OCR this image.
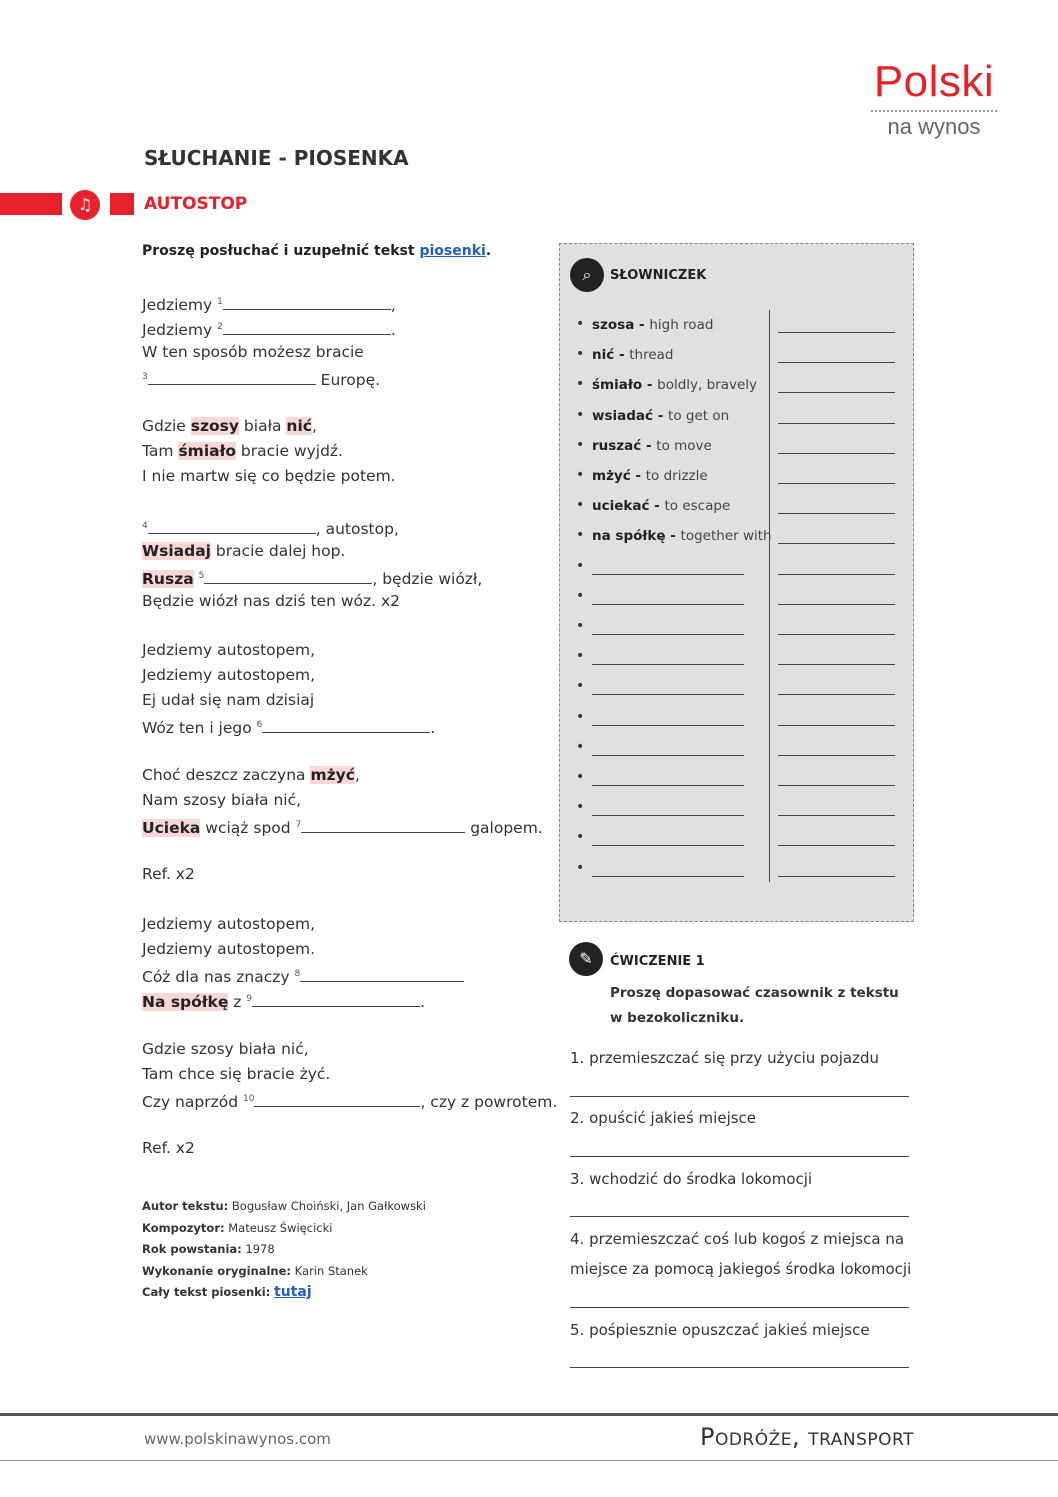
Polski
na wynos
SŁUCHANIE - PIOSENKA
♫	AUTOSTOP
Proszę posłuchać i uzupełnić tekst piosenki.
Jedziemy $^1$	,
Jedziemy $^2$	.
W ten sposób możesz bracie
$^3$	Europę.
Gdzie szosy biała nić,
Tam śmiało bracie wyjdź.
I nie martw się co będzie potem.
$^4$	, autostop,
Wsiadaj bracie dalej hop.
Rusza $^5$	, będzie wiózł,
Będzie wiózł nas dziś ten wóz. x2
Jedziemy autostopem,
Jedziemy autostopem,
Ej udał się nam dzisiaj
Wóz ten i jego $^6$	.
Choć deszcz zaczyna mżyć,
Nam szosy biała nić,
Ucieka wciąż spod $^7$	galopem.
Ref. x2
Jedziemy autostopem,
Jedziemy autostopem.
Cóż dla nas znaczy $^8$
Na spółkę z $^9$	.
Gdzie szosy biała nić,
Tam chce się bracie żyć.
Czy naprzód $^{10}$	, czy z powrotem.
Ref. x2
Autor tekstu: Bogusław Choiński, Jan Gałkowski
Kompozytor: Mateusz Święcicki
Rok powstania: 1978
Wykonanie oryginalne: Karin Stanek
Cały tekst piosenki: tutaj
⌕	SŁOWNICZEK
• szosa - high road
• nić - thread
• śmiało - boldly, bravely
• wsiadać - to get on
• ruszać - to move
• mżyć - to drizzle
• uciekać - to escape
• na spółkę - together with
•
•
•
•
•
•
•
•
•
•
•
✎	ĆWICZENIE 1
Proszę dopasować czasownik z tekstu
w bezokoliczniku.
1. przemieszczać się przy użyciu pojazdu
2. opuścić jakieś miejsce
3. wchodzić do środka lokomocji
4. przemieszczać coś lub kogoś z miejsca na
miejsce za pomocą jakiegoś środka lokomocji
5. pośpiesznie opuszczać jakieś miejsce
www.polskinawynos.com	Podróże, transport
